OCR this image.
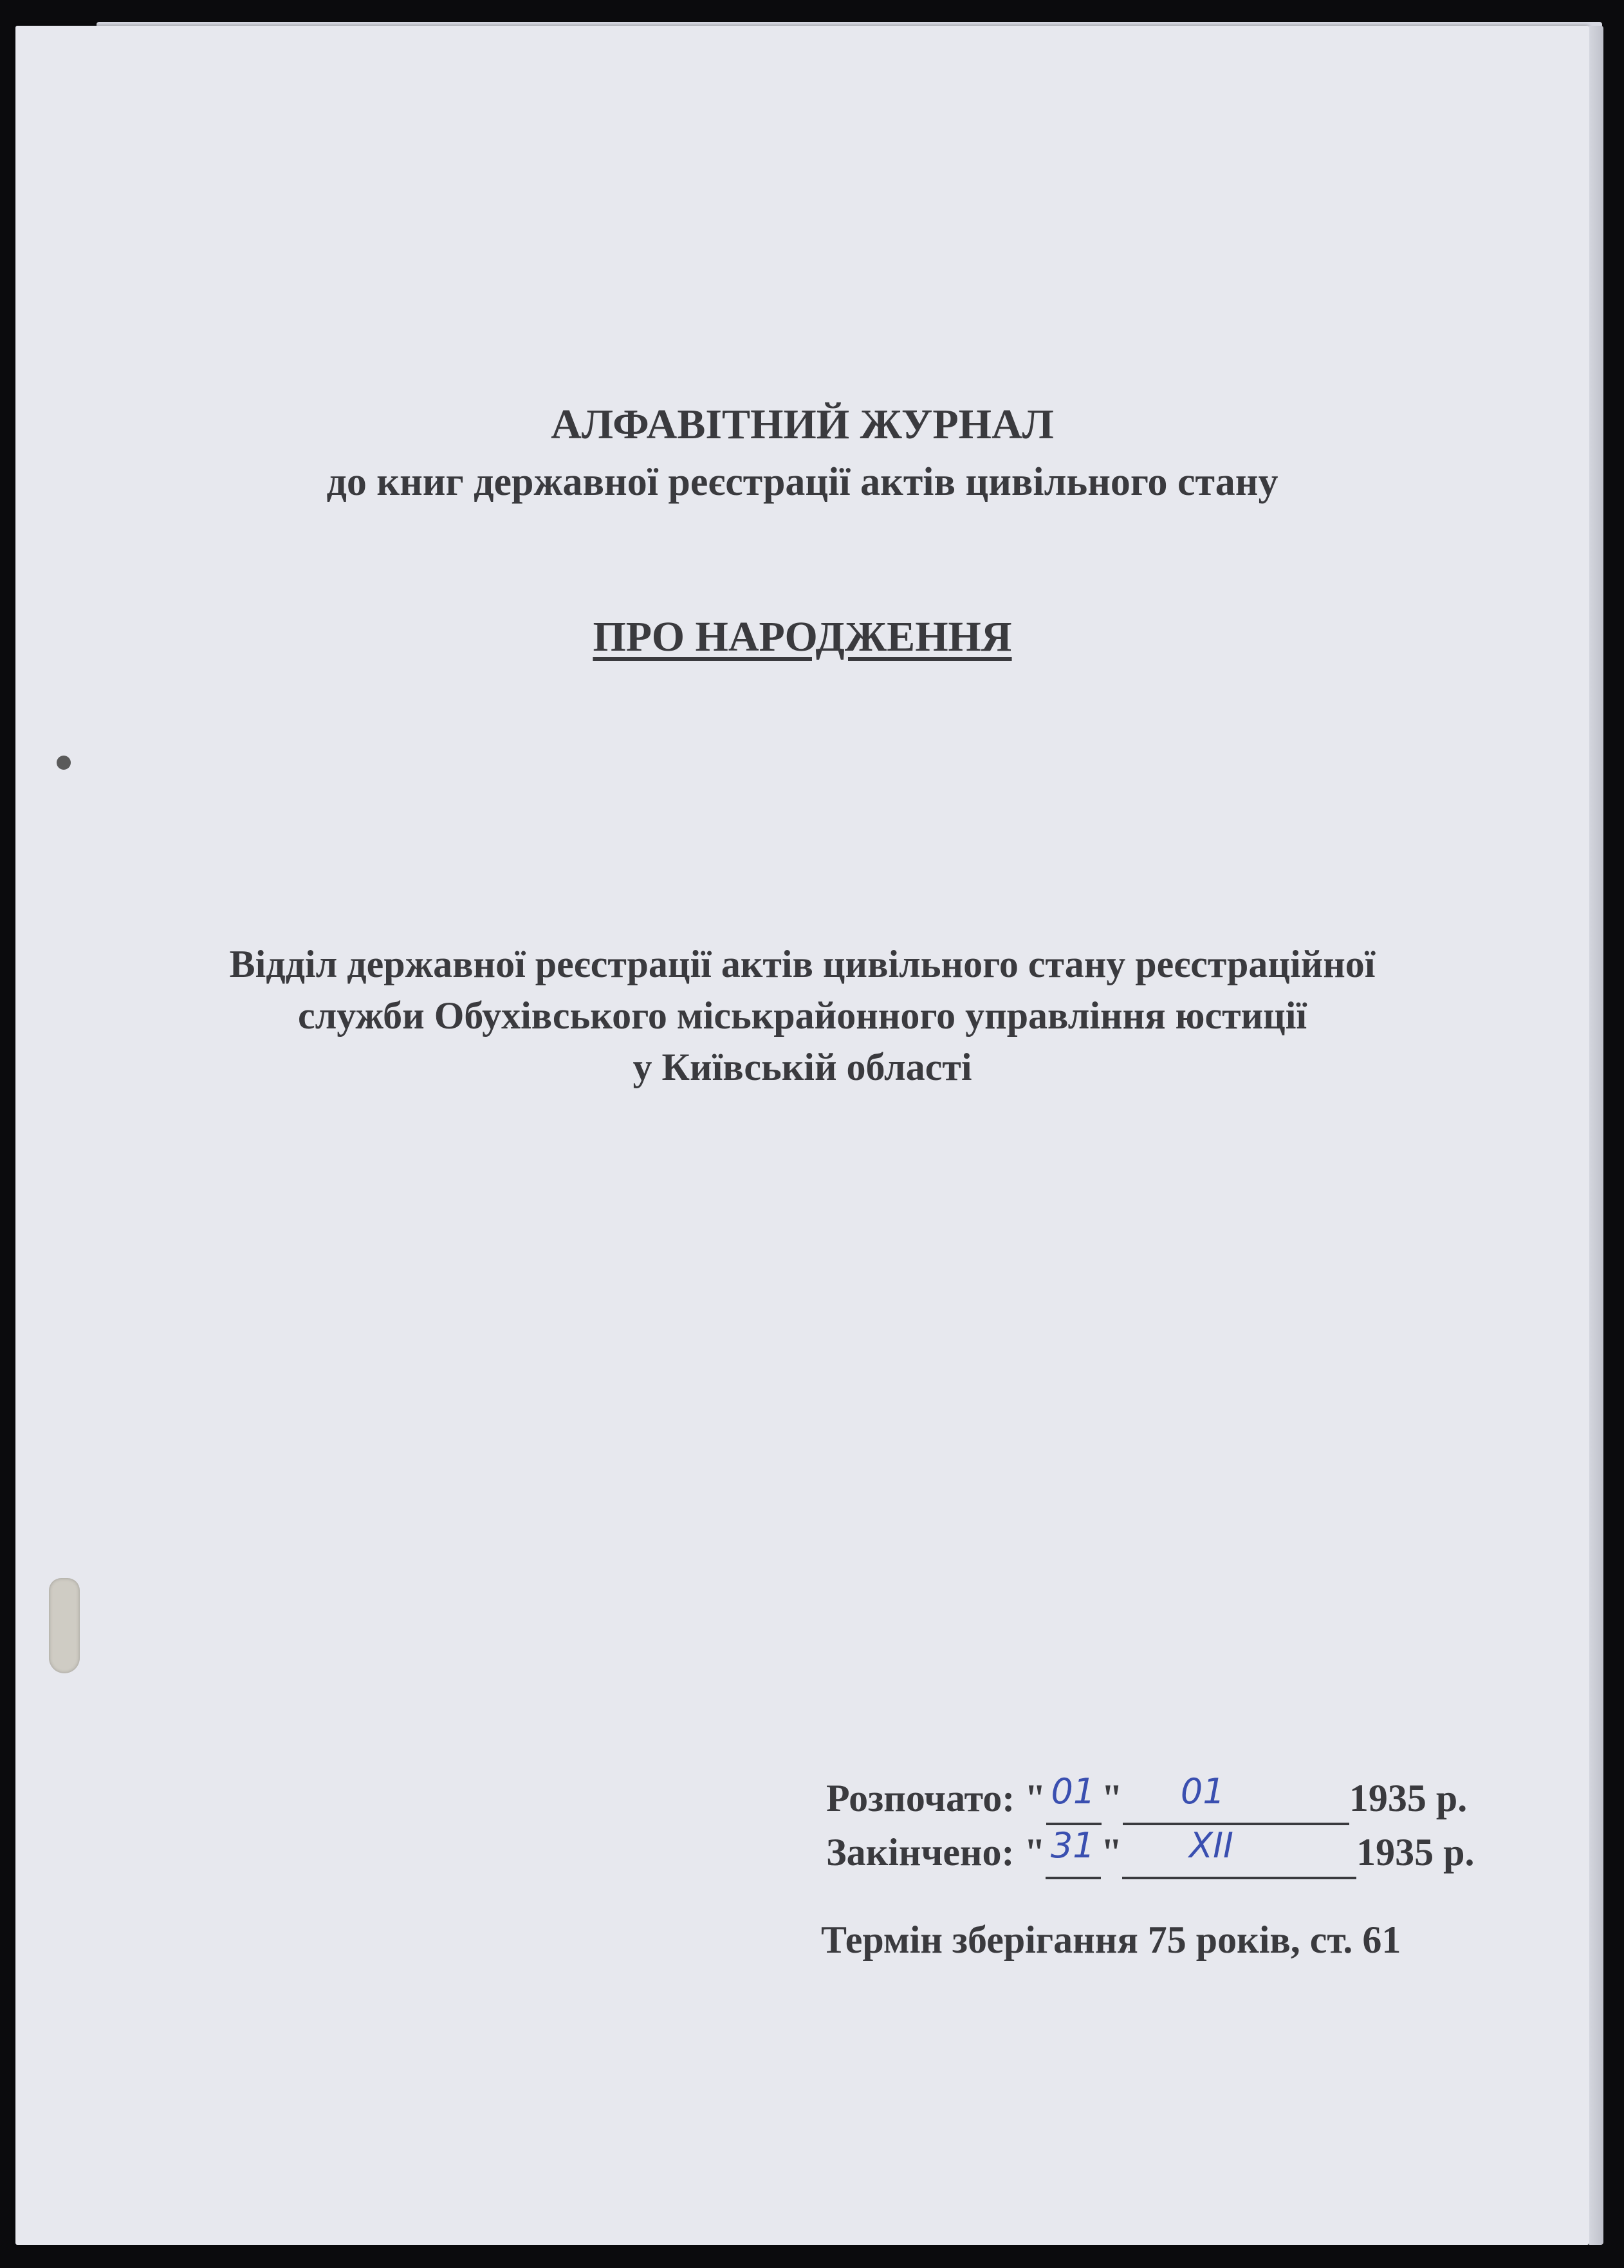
АЛФАВІТНИЙ ЖУРНАЛ
до книг державної реєстрації актів цивільного стану
ПРО НАРОДЖЕННЯ
Відділ державної реєстрації актів цивільного стану реєстраційної
служби Обухівського міськрайонного управління юстиції
у Київській області
Розпочато: " 01 " 01	1935 р.
Закінчено: " 31 " XII	1935 р.
Термін зберігання 75 років, ст. 61
